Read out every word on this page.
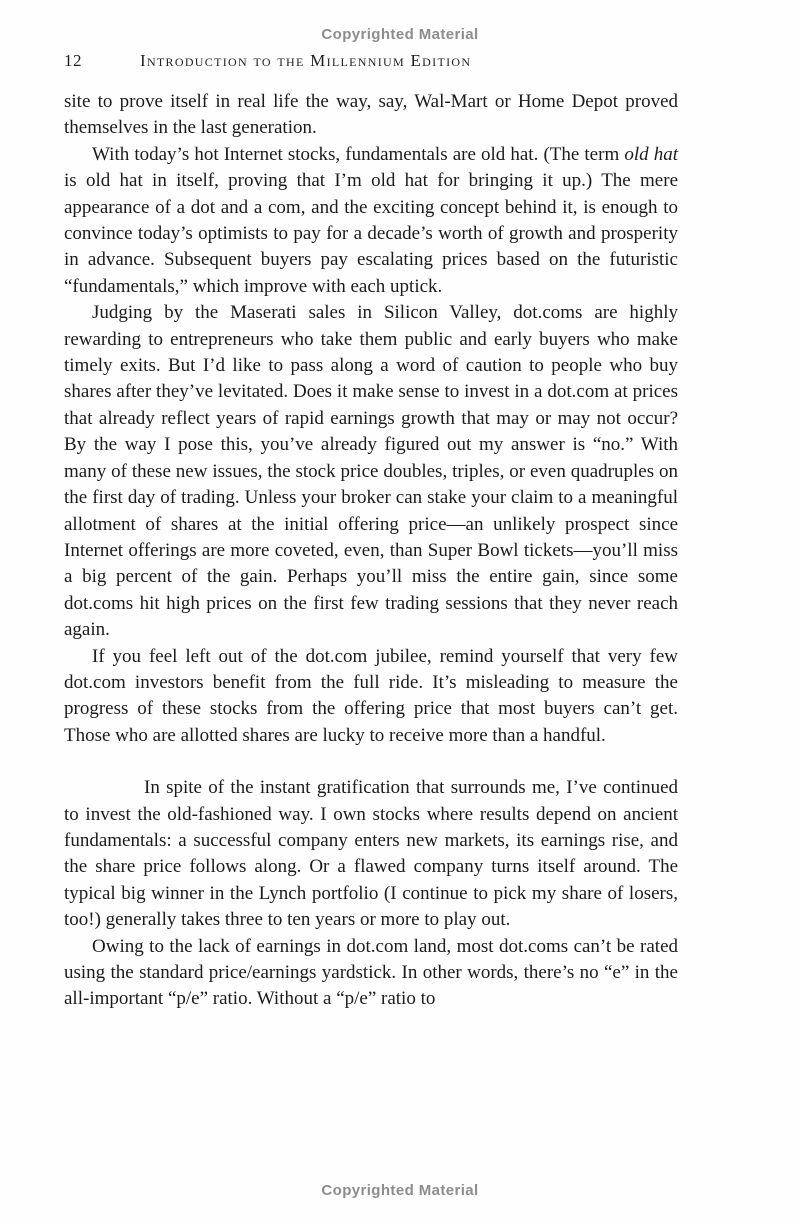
Copyrighted Material
12	Introduction to the Millennium Edition

site to prove itself in real life the way, say, Wal-Mart or Home Depot proved themselves in the last generation.

With today’s hot Internet stocks, fundamentals are old hat. (The term old hat is old hat in itself, proving that I’m old hat for bringing it up.) The mere appearance of a dot and a com, and the exciting concept behind it, is enough to convince today’s optimists to pay for a decade’s worth of growth and prosperity in advance. Subsequent buyers pay escalating prices based on the futuristic “fundamentals,” which improve with each uptick.

Judging by the Maserati sales in Silicon Valley, dot.coms are highly rewarding to entrepreneurs who take them public and early buyers who make timely exits. But I’d like to pass along a word of caution to people who buy shares after they’ve levitated. Does it make sense to invest in a dot.com at prices that already reflect years of rapid earnings growth that may or may not occur? By the way I pose this, you’ve already figured out my answer is “no.” With many of these new issues, the stock price doubles, triples, or even quadruples on the first day of trading. Unless your broker can stake your claim to a meaningful allotment of shares at the initial offering price—an unlikely prospect since Internet offerings are more coveted, even, than Super Bowl tickets—you’ll miss a big percent of the gain. Perhaps you’ll miss the entire gain, since some dot.coms hit high prices on the first few trading sessions that they never reach again.

If you feel left out of the dot.com jubilee, remind yourself that very few dot.com investors benefit from the full ride. It’s misleading to measure the progress of these stocks from the offering price that most buyers can’t get. Those who are allotted shares are lucky to receive more than a handful.

In spite of the instant gratification that surrounds me, I’ve continued to invest the old-fashioned way. I own stocks where results depend on ancient fundamentals: a successful company enters new markets, its earnings rise, and the share price follows along. Or a flawed company turns itself around. The typical big winner in the Lynch portfolio (I continue to pick my share of losers, too!) generally takes three to ten years or more to play out.

Owing to the lack of earnings in dot.com land, most dot.coms can’t be rated using the standard price/earnings yardstick. In other words, there’s no “e” in the all-important “p/e” ratio. Without a “p/e” ratio to

Copyrighted Material
